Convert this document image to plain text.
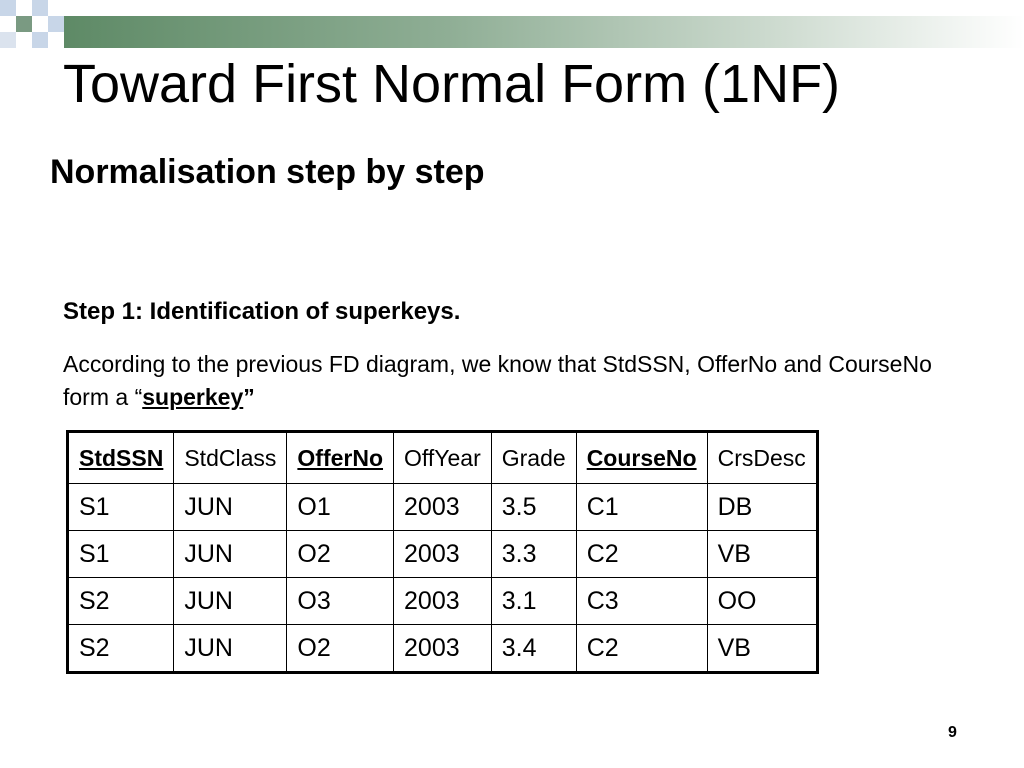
Toward First Normal Form (1NF)
Normalisation step by step
Step 1: Identification of superkeys.
According to the previous FD diagram, we know that StdSSN, OfferNo and CourseNo form a “superkey”
StdSSN	StdClass	OfferNo	OffYear	Grade	CourseNo	CrsDesc
S1	JUN	O1	2003	3.5	C1	DB
S1	JUN	O2	2003	3.3	C2	VB
S2	JUN	O3	2003	3.1	C3	OO
S2	JUN	O2	2003	3.4	C2	VB
9
